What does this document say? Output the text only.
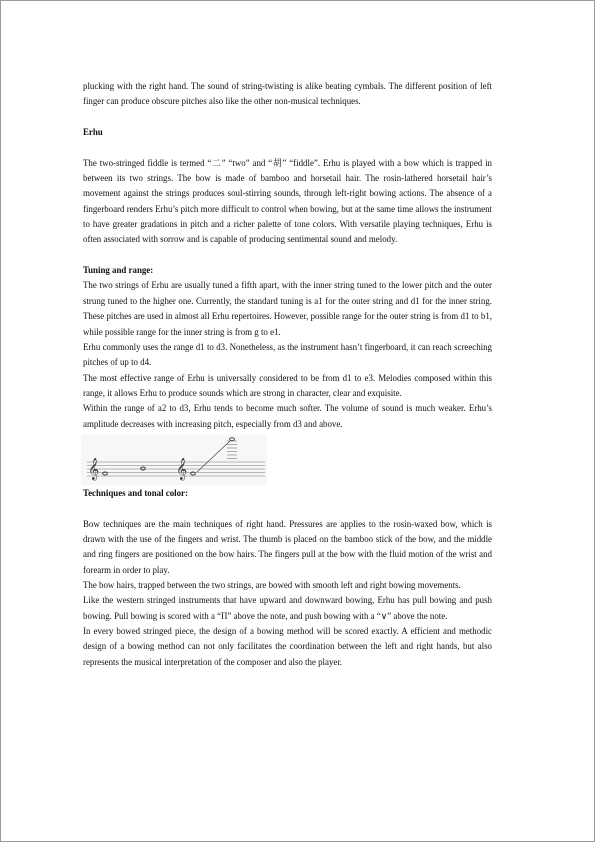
plucking with the right hand. The sound of string-twisting is alike beating cymbals. The different position of left finger can produce obscure pitches also like the other non-musical techniques.

Erhu

The two-stringed fiddle is termed “二” “two” and “胡” “fiddle”. Erhu is played with a bow which is trapped in between its two strings. The bow is made of bamboo and horsetail hair. The rosin-lathered horsetail hair’s movement against the strings produces soul-stirring sounds, through left-right bowing actions. The absence of a fingerboard renders Erhu’s pitch more difficult to control when bowing, but at the same time allows the instrument to have greater gradations in pitch and a richer palette of tone colors. With versatile playing techniques, Erhu is often associated with sorrow and is capable of producing sentimental sound and melody.

Tuning and range:

The two strings of Erhu are usually tuned a fifth apart, with the inner string tuned to the lower pitch and the outer strung tuned to the higher one. Currently, the standard tuning is a1 for the outer string and d1 for the inner string. These pitches are used in almost all Erhu repertoires. However, possible range for the outer string is from d1 to b1, while possible range for the inner string is from g to e1.

Erhu commonly uses the range d1 to d3. Nonetheless, as the instrument hasn’t fingerboard, it can reach screeching pitches of up to d4.

The most effective range of Erhu is universally considered to be from d1 to e3. Melodies composed within this range, it allows Erhu to produce sounds which are strong in character, clear and exquisite.

Within the range of a2 to d3, Erhu tends to become much softer. The volume of sound is much weaker. Erhu’s amplitude decreases with increasing pitch, especially from d3 and above.

𝄞	𝄞
Techniques and tonal color:

Bow techniques are the main techniques of right hand. Pressures are applies to the rosin-waxed bow, which is drawn with the use of the fingers and wrist. The thumb is placed on the bamboo stick of the bow, and the middle and ring fingers are positioned on the bow hairs. The fingers pull at the bow with the fluid motion of the wrist and forearm in order to play.

The bow hairs, trapped between the two strings, are bowed with smooth left and right bowing movements.

Like the western stringed instruments that have upward and downward bowing, Erhu has pull bowing and push bowing. Pull bowing is scored with a “П” above the note, and push bowing with a “∨” above the note.

In every bowed stringed piece, the design of a bowing method will be scored exactly. A efficient and methodic design of a bowing method can not only facilitates the coordination between the left and right hands, but also represents the musical interpretation of the composer and also the player.
